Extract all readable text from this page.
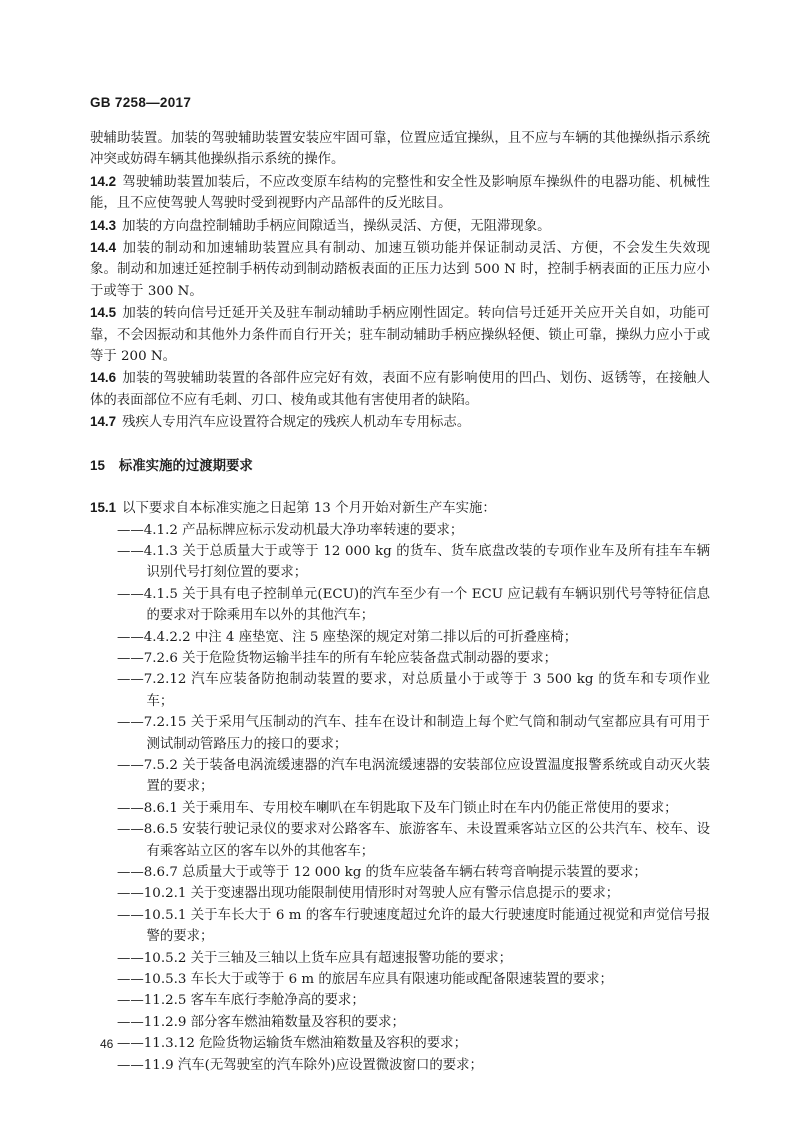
GB 7258—2017
驶辅助装置。加装的驾驶辅助装置安装应牢固可靠，位置应适宜操纵，且不应与车辆的其他操纵指示系统冲突或妨碍车辆其他操纵指示系统的操作。
14.2 驾驶辅助装置加装后，不应改变原车结构的完整性和安全性及影响原车操纵件的电器功能、机械性能，且不应使驾驶人驾驶时受到视野内产品部件的反光眩目。
14.3 加装的方向盘控制辅助手柄应间隙适当，操纵灵活、方便，无阻滞现象。
14.4 加装的制动和加速辅助装置应具有制动、加速互锁功能并保证制动灵活、方便，不会发生失效现象。制动和加速迁延控制手柄传动到制动踏板表面的正压力达到 500 N 时，控制手柄表面的正压力应小于或等于 300 N。
14.5 加装的转向信号迁延开关及驻车制动辅助手柄应刚性固定。转向信号迁延开关应开关自如，功能可靠，不会因振动和其他外力条件而自行开关；驻车制动辅助手柄应操纵轻便、锁止可靠，操纵力应小于或等于 200 N。
14.6 加装的驾驶辅助装置的各部件应完好有效，表面不应有影响使用的凹凸、划伤、返锈等，在接触人体的表面部位不应有毛刺、刃口、棱角或其他有害使用者的缺陷。
14.7 残疾人专用汽车应设置符合规定的残疾人机动车专用标志。
15 标准实施的过渡期要求
15.1 以下要求自本标准实施之日起第 13 个月开始对新生产车实施：
——4.1.2 产品标牌应标示发动机最大净功率转速的要求；
——4.1.3 关于总质量大于或等于 12 000 kg 的货车、货车底盘改装的专项作业车及所有挂车车辆识别代号打刻位置的要求；
——4.1.5 关于具有电子控制单元(ECU)的汽车至少有一个 ECU 应记载有车辆识别代号等特征信息的要求对于除乘用车以外的其他汽车；
——4.4.2.2 中注 4 座垫宽、注 5 座垫深的规定对第二排以后的可折叠座椅；
——7.2.6 关于危险货物运输半挂车的所有车轮应装备盘式制动器的要求；
——7.2.12 汽车应装备防抱制动装置的要求，对总质量小于或等于 3 500 kg 的货车和专项作业车；
——7.2.15 关于采用气压制动的汽车、挂车在设计和制造上每个贮气筒和制动气室都应具有可用于测试制动管路压力的接口的要求；
——7.5.2 关于装备电涡流缓速器的汽车电涡流缓速器的安装部位应设置温度报警系统或自动灭火装置的要求；
——8.6.1 关于乘用车、专用校车喇叭在车钥匙取下及车门锁止时在车内仍能正常使用的要求；
——8.6.5 安装行驶记录仪的要求对公路客车、旅游客车、未设置乘客站立区的公共汽车、校车、设有乘客站立区的客车以外的其他客车；
——8.6.7 总质量大于或等于 12 000 kg 的货车应装备车辆右转弯音响提示装置的要求；
——10.2.1 关于变速器出现功能限制使用情形时对驾驶人应有警示信息提示的要求；
——10.5.1 关于车长大于 6 m 的客车行驶速度超过允许的最大行驶速度时能通过视觉和声觉信号报警的要求；
——10.5.2 关于三轴及三轴以上货车应具有超速报警功能的要求；
——10.5.3 车长大于或等于 6 m 的旅居车应具有限速功能或配备限速装置的要求；
——11.2.5 客车车底行李舱净高的要求；
——11.2.9 部分客车燃油箱数量及容积的要求；
——11.3.12 危险货物运输货车燃油箱数量及容积的要求；
——11.9 汽车(无驾驶室的汽车除外)应设置微波窗口的要求；
46
